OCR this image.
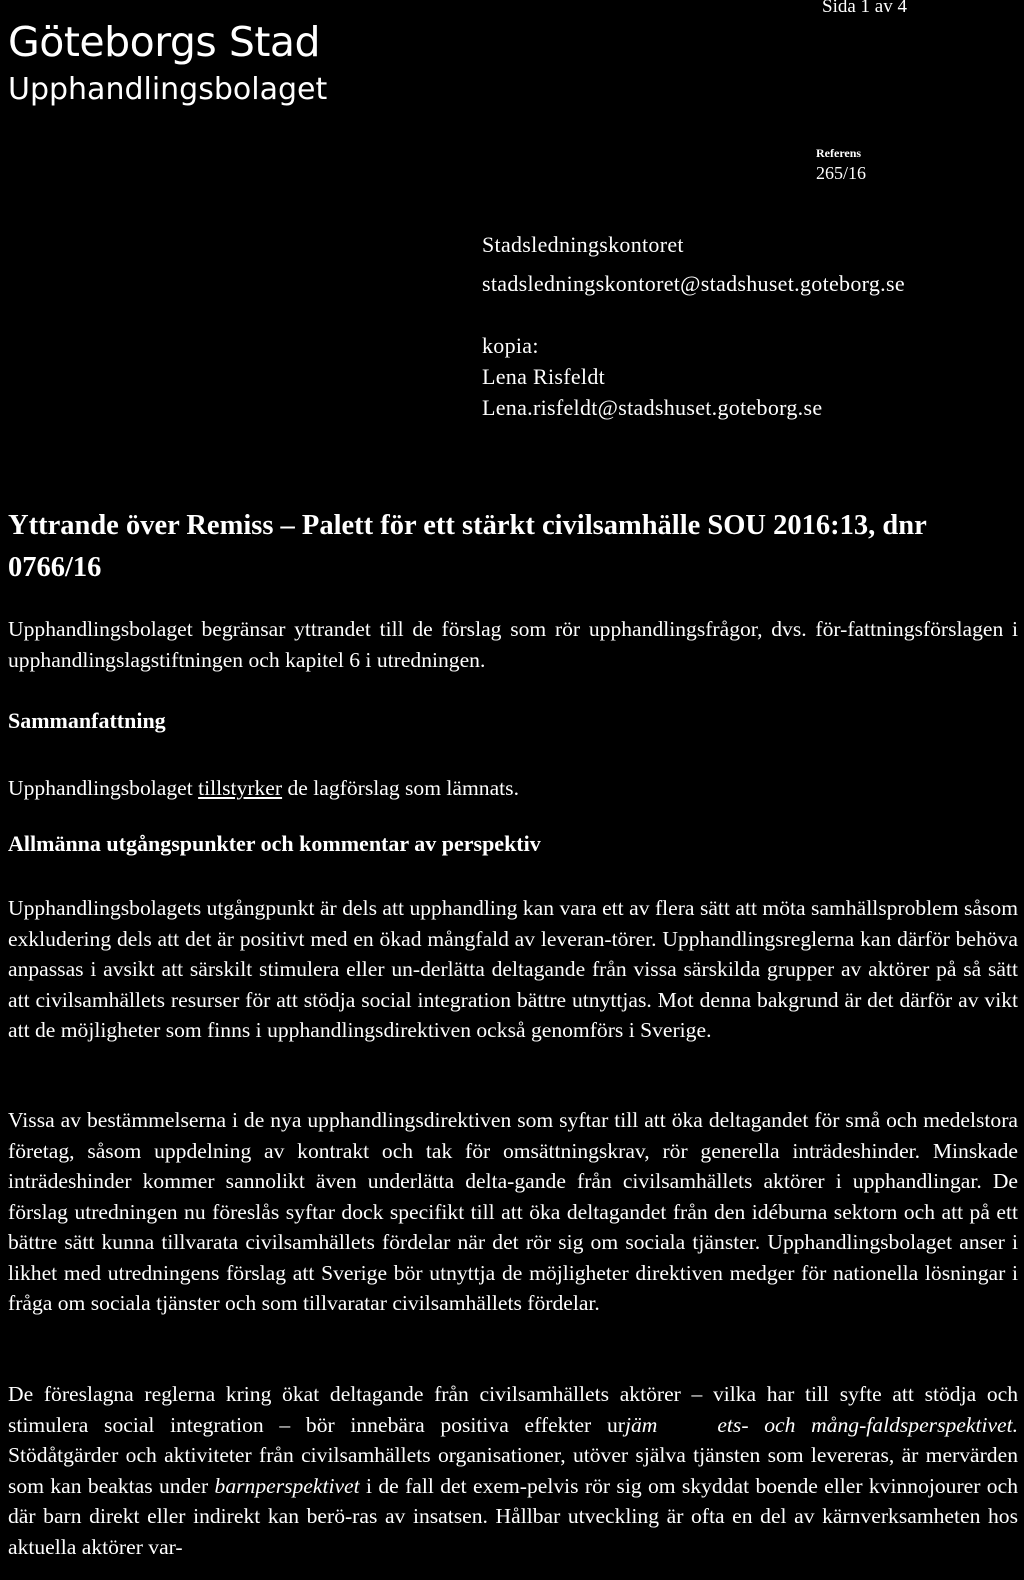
Sida 1 av 4
Göteborgs Stad
Upphandlingsbolaget
Referens
265/16
Stadsledningskontoret
stadsledningskontoret@stadshuset.goteborg.se
kopia:
Lena Risfeldt
Lena.risfeldt@stadshuset.goteborg.se
Yttrande över Remiss – Palett för ett stärkt civilsamhälle SOU 2016:13, dnr 0766/16
Upphandlingsbolaget begränsar yttrandet till de förslag som rör upphandlingsfrågor, dvs. för-fattningsförslagen i upphandlingslagstiftningen och kapitel 6 i utredningen.
Sammanfattning
Upphandlingsbolaget tillstyrker de lagförslag som lämnats.
Allmänna utgångspunkter och kommentar av perspektiv
Upphandlingsbolagets utgångpunkt är dels att upphandling kan vara ett av flera sätt att möta samhällsproblem såsom exkludering dels att det är positivt med en ökad mångfald av leveran-törer. Upphandlingsreglerna kan därför behöva anpassas i avsikt att särskilt stimulera eller un-derlätta deltagande från vissa särskilda grupper av aktörer på så sätt att civilsamhällets resurser för att stödja social integration bättre utnyttjas. Mot denna bakgrund är det därför av vikt att de möjligheter som finns i upphandlingsdirektiven också genomförs i Sverige.
Vissa av bestämmelserna i de nya upphandlingsdirektiven som syftar till att öka deltagandet för små och medelstora företag, såsom uppdelning av kontrakt och tak för omsättningskrav, rör generella inträdeshinder. Minskade inträdeshinder kommer sannolikt även underlätta delta-gande från civilsamhällets aktörer i upphandlingar. De förslag utredningen nu föreslås syftar dock specifikt till att öka deltagandet från den idéburna sektorn och att på ett bättre sätt kunna tillvarata civilsamhällets fördelar när det rör sig om sociala tjänster. Upphandlingsbolaget anser i likhet med utredningens förslag att Sverige bör utnyttja de möjligheter direktiven medger för nationella lösningar i fråga om sociala tjänster och som tillvaratar civilsamhällets fördelar.
De föreslagna reglerna kring ökat deltagande från civilsamhällets aktörer – vilka har till syfte att stödja och stimulera social integration – bör innebära positiva effekter urjäm	ets- och mång-faldsperspektivet. Stödåtgärder och aktiviteter från civilsamhällets organisationer, utöver själva tjänsten som levereras, är mervärden som kan beaktas under barnperspektivet i de fall det exem-pelvis rör sig om skyddat boende eller kvinnojourer och där barn direkt eller indirekt kan berö-ras av insatsen. Hållbar utveckling är ofta en del av kärnverksamheten hos aktuella aktörer var-
